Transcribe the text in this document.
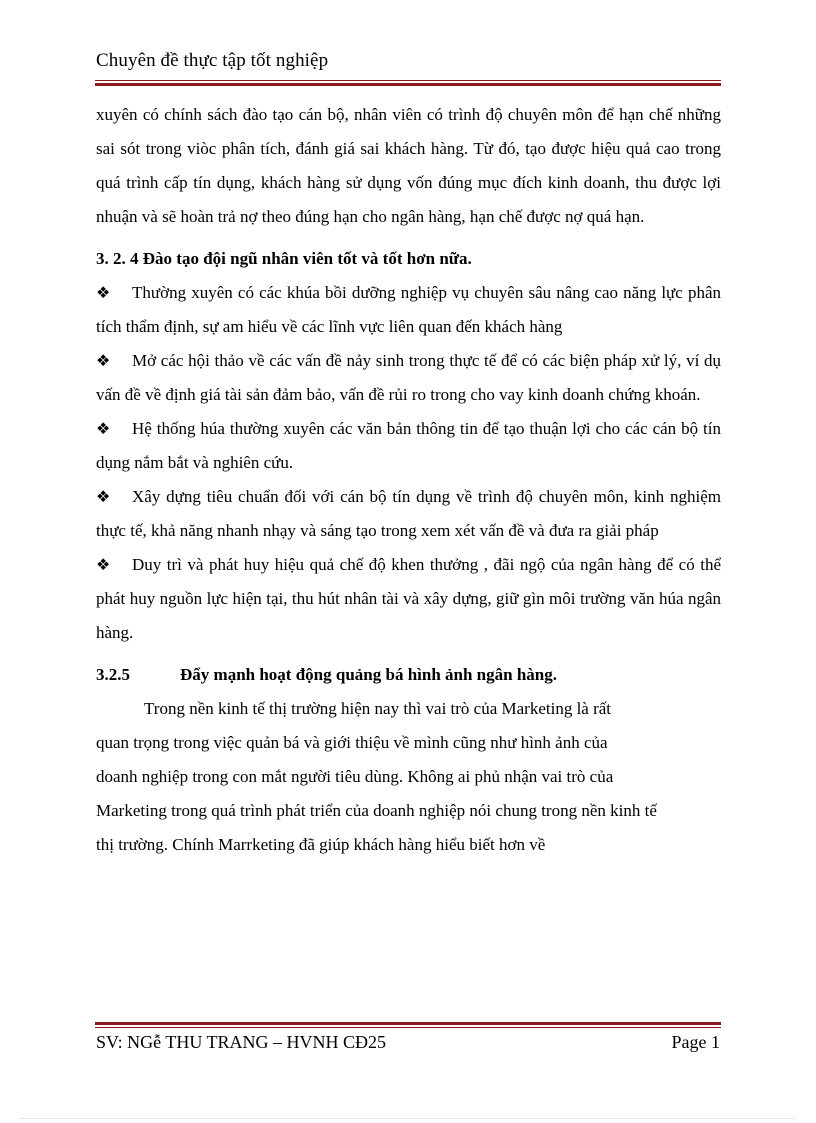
Chuyên đề thực tập tốt nghiệp

xuyên có chính sách đào tạo cán bộ, nhân viên có trình độ chuyên môn để hạn chế những sai sót trong viòc phân tích, đánh giá sai khách hàng. Từ đó, tạo được hiệu quả cao trong quá trình cấp tín dụng, khách hàng sử dụng vốn đúng mục đích kinh doanh, thu được lợi nhuận và sẽ hoàn trả nợ theo đúng hạn cho ngân hàng, hạn chế được nợ quá hạn.

3. 2. 4 Đào tạo đội ngũ nhân viên tốt và tốt hơn nữa.

❖ Thường xuyên có các khúa bồi dưỡng nghiệp vụ chuyên sâu nâng cao năng lực phân tích thẩm định, sự am hiểu về các lĩnh vực liên quan đến khách hàng

❖ Mở các hội thảo về các vấn đề nảy sinh trong thực tế để có các biện pháp xử lý, ví dụ vấn đề về định giá tài sản đảm bảo, vấn đề rủi ro trong cho vay kinh doanh chứng khoán.

❖ Hệ thống húa thường xuyên các văn bản thông tin để tạo thuận lợi cho các cán bộ tín dụng nắm bắt và nghiên cứu.

❖ Xây dựng tiêu chuẩn đối với cán bộ tín dụng về trình độ chuyên môn, kinh nghiệm thực tế, khả năng nhanh nhạy và sáng tạo trong xem xét vấn đề và đưa ra giải pháp

❖ Duy trì và phát huy hiệu quả chế độ khen thưởng , đãi ngộ của ngân hàng để có thể phát huy nguồn lực hiện tại, thu hút nhân tài và xây dựng, giữ gìn môi trường văn húa ngân hàng.

3.2.5	Đẩy mạnh hoạt động quảng bá hình ảnh ngân hàng.

Trong nền kinh tế thị trường hiện nay thì vai trò của Marketing là rất

quan trọng trong việc quản bá và giới thiệu về mình cũng như hình ảnh của

doanh nghiệp trong con mắt người tiêu dùng. Không ai phủ nhận vai trò của

Marketing trong quá trình phát triển của doanh nghiệp nói chung trong nền kinh tế

thị trường. Chính Marrketing đã giúp khách hàng hiểu biết hơn về

SV: NGễ THU TRANG – HVNH CĐ25	Page 1
